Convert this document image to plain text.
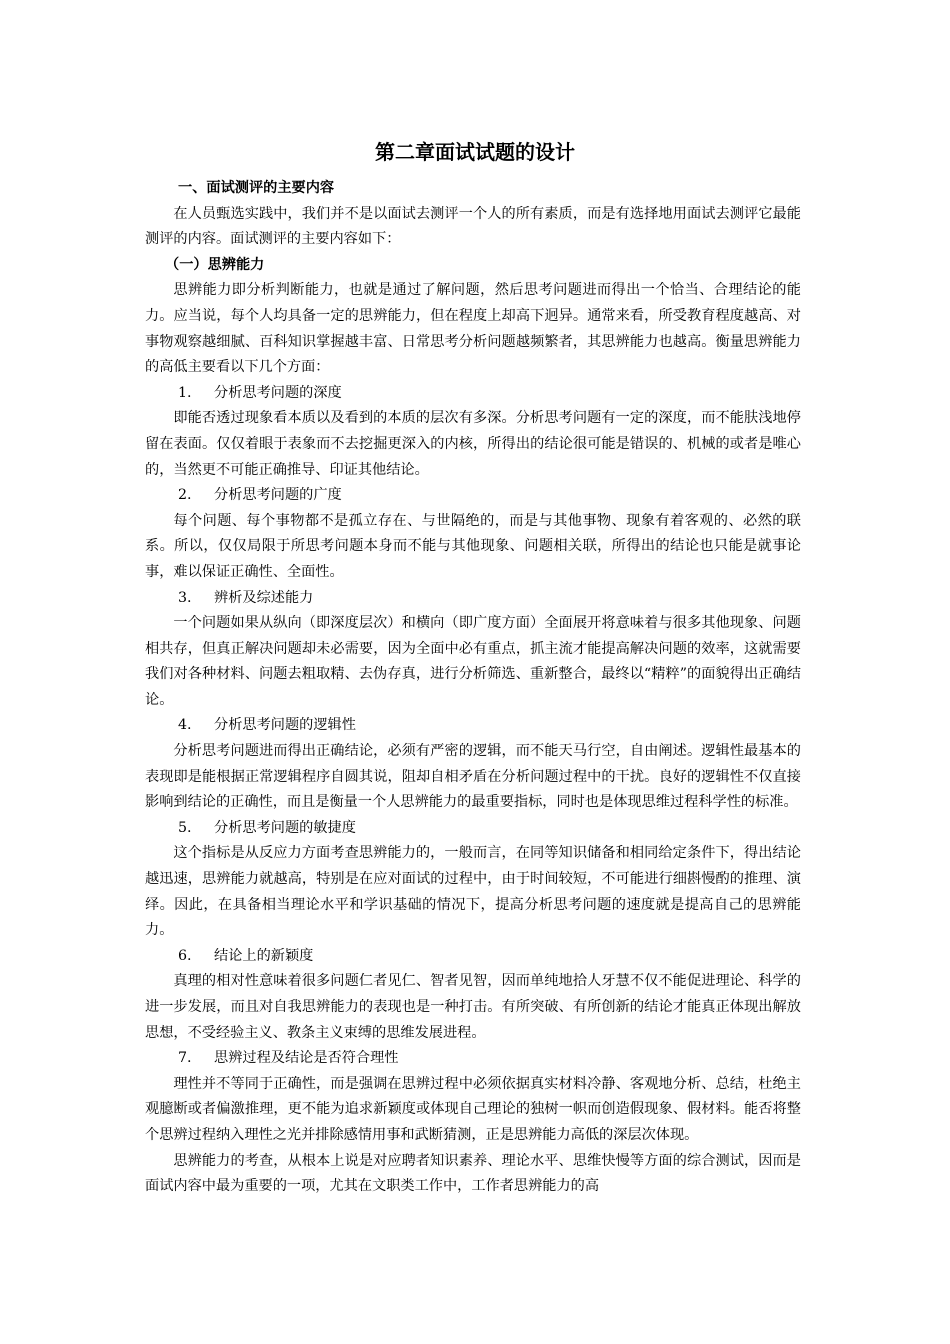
第二章面试试题的设计

一、面试测评的主要内容

在人员甄选实践中，我们并不是以面试去测评一个人的所有素质，而是有选择地用面试去测评它最能测评的内容。面试测评的主要内容如下：

（一）思辨能力

思辨能力即分析判断能力，也就是通过了解问题，然后思考问题进而得出一个恰当、合理结论的能力。应当说，每个人均具备一定的思辨能力，但在程度上却高下迥异。通常来看，所受教育程度越高、对事物观察越细腻、百科知识掌握越丰富、日常思考分析问题越频繁者，其思辨能力也越高。衡量思辨能力的高低主要看以下几个方面：

1. 分析思考问题的深度

即能否透过现象看本质以及看到的本质的层次有多深。分析思考问题有一定的深度，而不能肤浅地停留在表面。仅仅着眼于表象而不去挖掘更深入的内核，所得出的结论很可能是错误的、机械的或者是唯心的，当然更不可能正确推导、印证其他结论。

2. 分析思考问题的广度

每个问题、每个事物都不是孤立存在、与世隔绝的，而是与其他事物、现象有着客观的、必然的联系。所以，仅仅局限于所思考问题本身而不能与其他现象、问题相关联，所得出的结论也只能是就事论事，难以保证正确性、全面性。

3. 辨析及综述能力

一个问题如果从纵向（即深度层次）和横向（即广度方面）全面展开将意味着与很多其他现象、问题相共存，但真正解决问题却未必需要，因为全面中必有重点，抓主流才能提高解决问题的效率，这就需要我们对各种材料、问题去粗取精、去伪存真，进行分析筛选、重新整合，最终以“精粹”的面貌得出正确结论。

4. 分析思考问题的逻辑性

分析思考问题进而得出正确结论，必须有严密的逻辑，而不能天马行空，自由阐述。逻辑性最基本的表现即是能根据正常逻辑程序自圆其说，阻却自相矛盾在分析问题过程中的干扰。良好的逻辑性不仅直接影响到结论的正确性，而且是衡量一个人思辨能力的最重要指标，同时也是体现思维过程科学性的标准。

5. 分析思考问题的敏捷度

这个指标是从反应力方面考查思辨能力的，一般而言，在同等知识储备和相同给定条件下，得出结论越迅速，思辨能力就越高，特别是在应对面试的过程中，由于时间较短，不可能进行细斟慢酌的推理、演绎。因此，在具备相当理论水平和学识基础的情况下，提高分析思考问题的速度就是提高自己的思辨能力。

6. 结论上的新颖度

真理的相对性意味着很多问题仁者见仁、智者见智，因而单纯地拾人牙慧不仅不能促进理论、科学的进一步发展，而且对自我思辨能力的表现也是一种打击。有所突破、有所创新的结论才能真正体现出解放思想，不受经验主义、教条主义束缚的思维发展进程。

7. 思辨过程及结论是否符合理性

理性并不等同于正确性，而是强调在思辨过程中必须依据真实材料冷静、客观地分析、总结，杜绝主观臆断或者偏激推理，更不能为追求新颖度或体现自己理论的独树一帜而创造假现象、假材料。能否将整个思辨过程纳入理性之光并排除感情用事和武断猜测，正是思辨能力高低的深层次体现。

思辨能力的考查，从根本上说是对应聘者知识素养、理论水平、思维快慢等方面的综合测试，因而是面试内容中最为重要的一项，尤其在文职类工作中，工作者思辨能力的高
